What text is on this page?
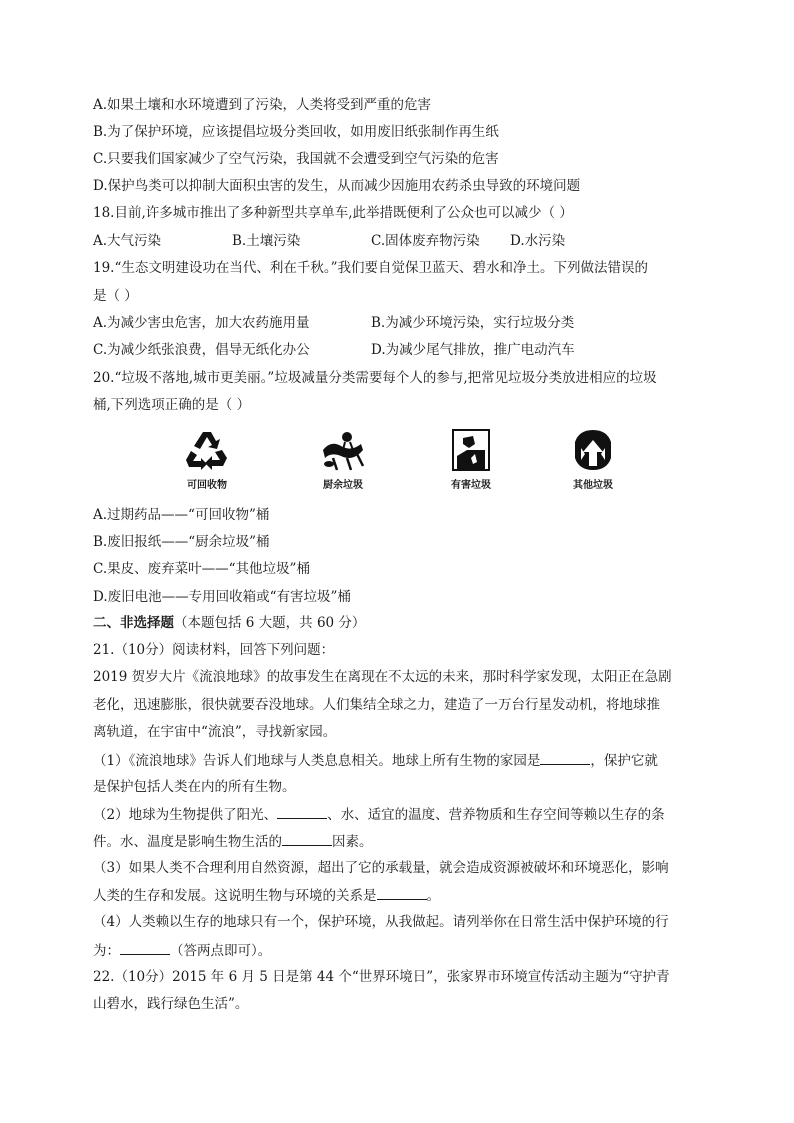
A.如果土壤和水环境遭到了污染，人类将受到严重的危害
B.为了保护环境，应该提倡垃圾分类回收，如用废旧纸张制作再生纸
C.只要我们国家减少了空气污染，我国就不会遭受到空气污染的危害
D.保护鸟类可以抑制大面积虫害的发生，从而减少因施用农药杀虫导致的环境问题
18.目前,许多城市推出了多种新型共享单车,此举措既便利了公众也可以减少（ ）
A.大气污染	B.土壤污染	C.固体废弃物污染 D.水污染
19.“生态文明建设功在当代、利在千秋。”我们要自觉保卫蓝天、碧水和净土。下列做法错误的
是（ ）
A.为减少害虫危害，加大农药施用量	B.为减少环境污染，实行垃圾分类
C.为减少纸张浪费，倡导无纸化办公	D.为减少尾气排放，推广电动汽车
20.“垃圾不落地,城市更美丽。”垃圾减量分类需要每个人的参与,把常见垃圾分类放进相应的垃圾
桶,下列选项正确的是（ ）
可回收物	厨余垃圾	有害垃圾	其他垃圾
A.过期药品——“可回收物”桶
B.废旧报纸——“厨余垃圾”桶
C.果皮、废弃菜叶——“其他垃圾”桶
D.废旧电池——专用回收箱或“有害垃圾”桶
二、非选择题（本题包括 6 大题，共 60 分）
21.（10分）阅读材料，回答下列问题：
2019 贺岁大片《流浪地球》的故事发生在离现在不太远的未来，那时科学家发现，太阳正在急剧
老化，迅速膨胀，很快就要吞没地球。人们集结全球之力，建造了一万台行星发动机，将地球推
离轨道，在宇宙中“流浪”，寻找新家园。
（1）《流浪地球》告诉人们地球与人类息息相关。地球上所有生物的家园是	，保护它就
是保护包括人类在内的所有生物。
（2）地球为生物提供了阳光、	、水、适宜的温度、营养物质和生存空间等赖以生存的条
件。水、温度是影响生物生活的	因素。
（3）如果人类不合理利用自然资源，超出了它的承载量，就会造成资源被破坏和环境恶化，影响
人类的生存和发展。这说明生物与环境的关系是	。
（4）人类赖以生存的地球只有一个，保护环境，从我做起。请列举你在日常生活中保护环境的行
为：	（答两点即可）。
22.（10分）2015 年 6 月 5 日是第 44 个“世界环境日”，张家界市环境宣传活动主题为“守护青
山碧水，践行绿色生活”。
